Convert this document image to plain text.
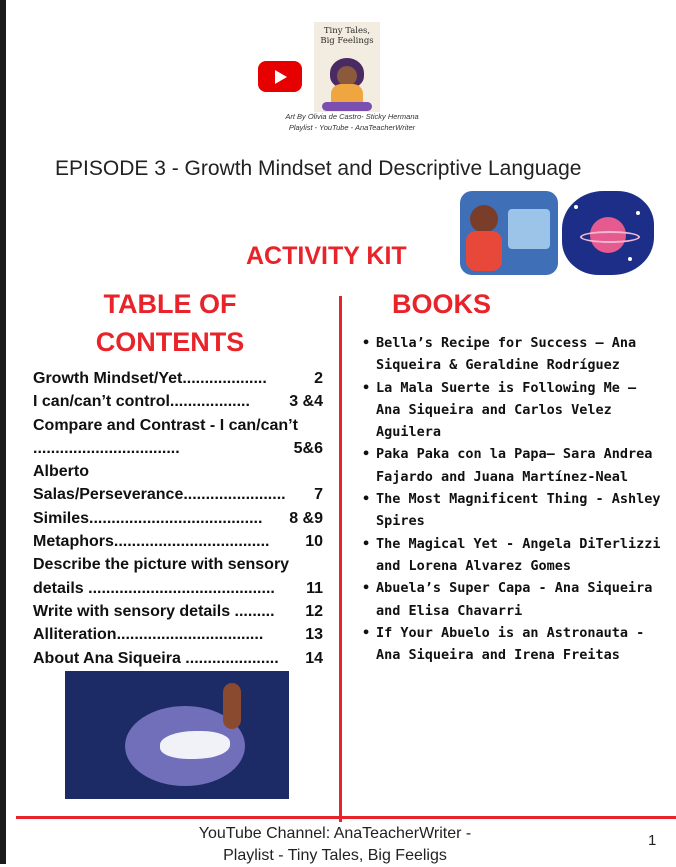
Tiny Tales,
Big Feelings
Art By Olivia de Castro- Sticky Hermana
Playlist - YouTube - AnaTeacherWriter
EPISODE 3 - Growth Mindset and Descriptive Language
ACTIVITY KIT
TABLE OF
CONTENTS
Growth Mindset/Yet...................	2
I can/can’t control.................. 3 &4
Compare and Contrast - I can/can’t .................................	5&6
Alberto Salas/Perseverance....................... 7
Similes....................................... 8 &9
Metaphors................................... 10
Describe the picture with sensory details .......................................... 11
Write with sensory details ......... 12
Alliteration.................................	13
About Ana Siqueira ..................... 14
BOOKS
• Bella’s Recipe for Success – Ana Siqueira & Geraldine Rodríguez
• La Mala Suerte is Following Me – Ana Siqueira and Carlos Velez Aguilera
• Paka Paka con la Papa– Sara Andrea Fajardo and Juana Martínez-Neal
• The Most Magnificent Thing - Ashley Spires
• The Magical Yet - Angela DiTerlizzi and Lorena Alvarez Gomes
• Abuela’s Super Capa - Ana Siqueira and Elisa Chavarri
• If Your Abuelo is an Astronauta - Ana Siqueira and Irena Freitas
YouTube Channel: AnaTeacherWriter -
Playlist - Tiny Tales, Big Feeligs
1
